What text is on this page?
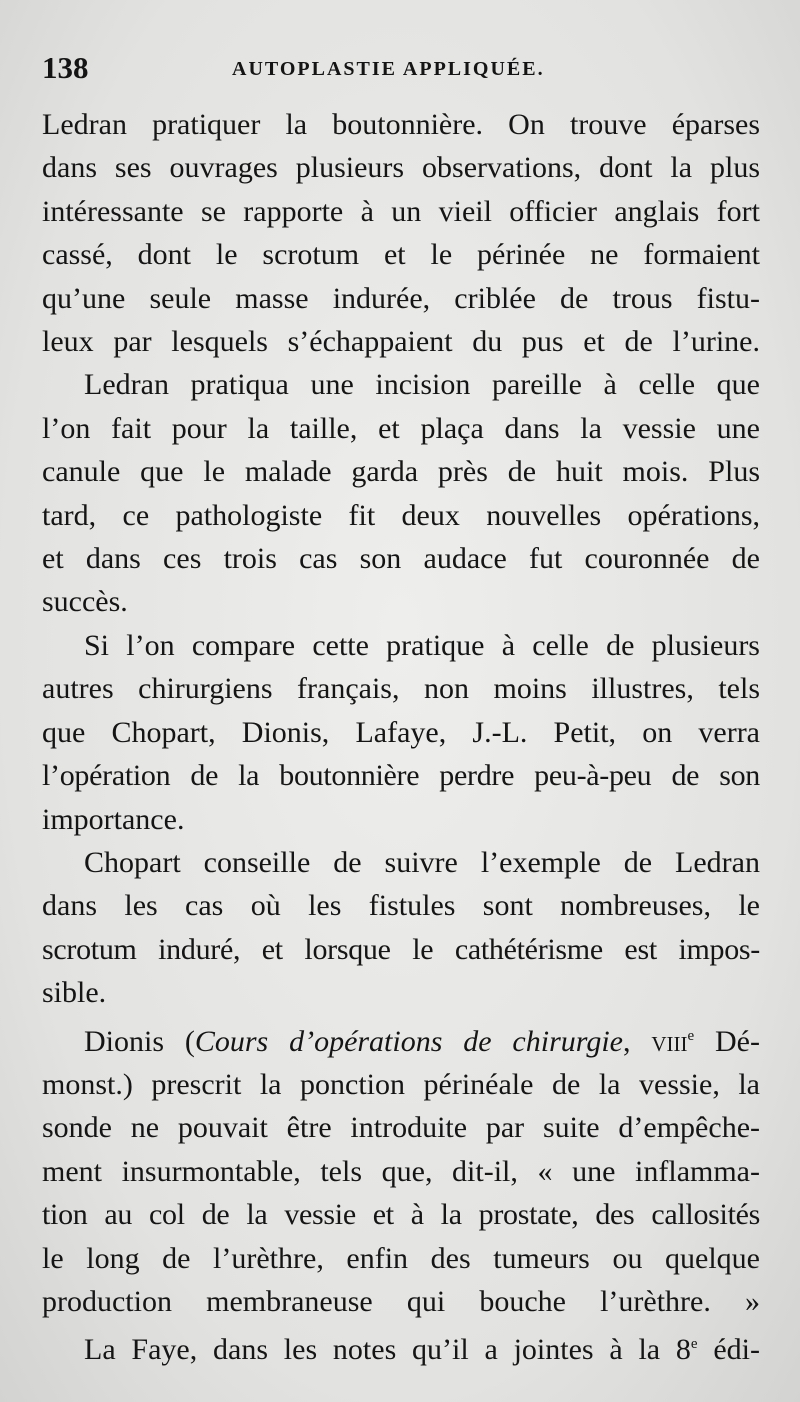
138	AUTOPLASTIE APPLIQUÉE.
Ledran pratiquer la boutonnière. On trouve éparses
dans ses ouvrages plusieurs observations, dont la plus
intéressante se rapporte à un vieil officier anglais fort
cassé, dont le scrotum et le périnée ne formaient
qu’une seule masse indurée, criblée de trous fistu-
leux par lesquels s’échappaient du pus et de l’urine.
Ledran pratiqua une incision pareille à celle que
l’on fait pour la taille, et plaça dans la vessie une
canule que le malade garda près de huit mois. Plus
tard, ce pathologiste fit deux nouvelles opérations,
et dans ces trois cas son audace fut couronnée de
succès.
Si l’on compare cette pratique à celle de plusieurs
autres chirurgiens français, non moins illustres, tels
que Chopart, Dionis, Lafaye, J.-L. Petit, on verra
l’opération de la boutonnière perdre peu-à-peu de son
importance.
Chopart conseille de suivre l’exemple de Ledran
dans les cas où les fistules sont nombreuses, le
scrotum induré, et lorsque le cathétérisme est impos-
sible.
Dionis (Cours d’opérations de chirurgie, viii$^e$ Dé-
monst.) prescrit la ponction périnéale de la vessie, la
sonde ne pouvait être introduite par suite d’empêche-
ment insurmontable, tels que, dit-il, « une inflamma-
tion au col de la vessie et à la prostate, des callosités
le long de l’urèthre, enfin des tumeurs ou quelque
production membraneuse qui bouche l’urèthre. »
La Faye, dans les notes qu’il a jointes à la 8e édi-
